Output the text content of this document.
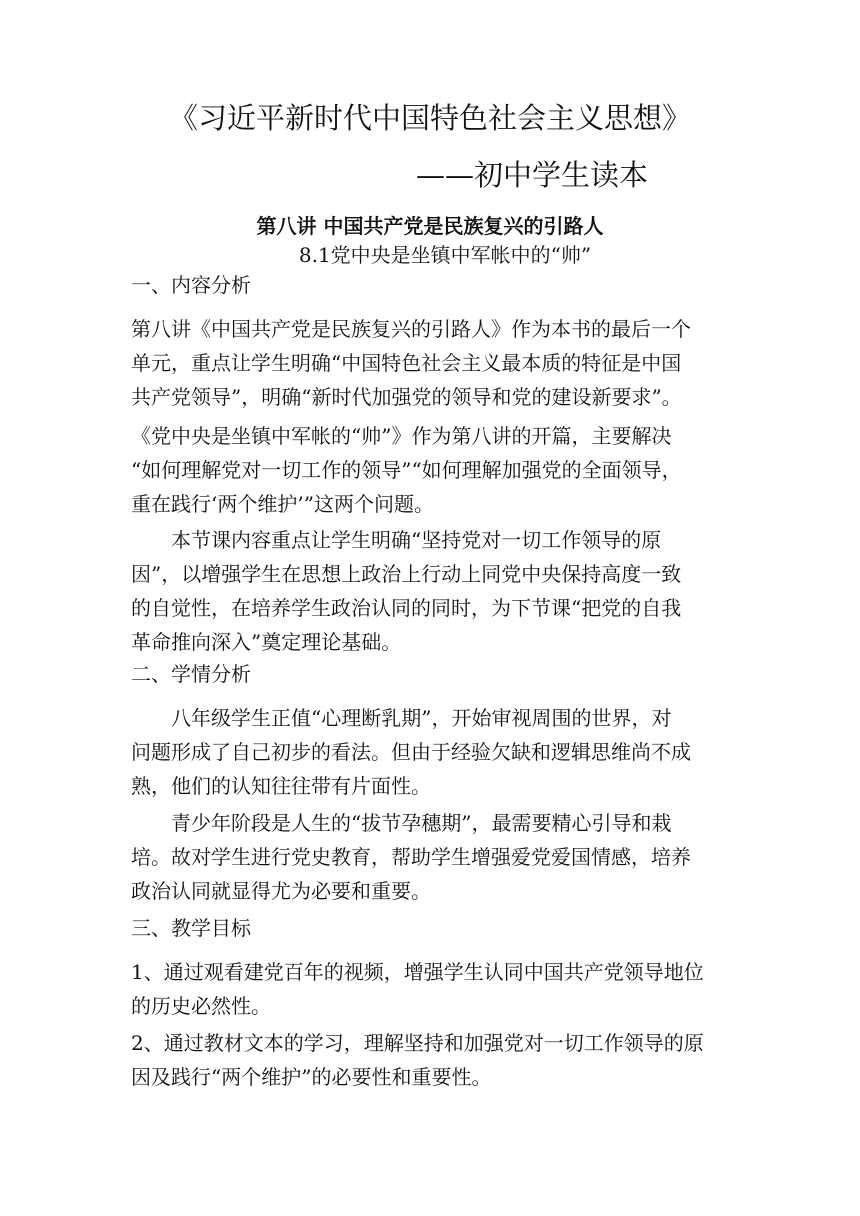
《习近平新时代中国特色社会主义思想》
——初中学生读本
第八讲 中国共产党是民族复兴的引路人
8.1党中央是坐镇中军帐中的“帅”
一、内容分析
第八讲《中国共产党是民族复兴的引路人》作为本书的最后一个
单元，重点让学生明确“中国特色社会主义最本质的特征是中国
共产党领导”，明确“新时代加强党的领导和党的建设新要求”。
《党中央是坐镇中军帐的“帅”》作为第八讲的开篇，主要解决
“如何理解党对一切工作的领导”“如何理解加强党的全面领导，
重在践行‘两个维护’”这两个问题。
本节课内容重点让学生明确“坚持党对一切工作领导的原
因”，以增强学生在思想上政治上行动上同党中央保持高度一致
的自觉性，在培养学生政治认同的同时，为下节课“把党的自我
革命推向深入”奠定理论基础。
二、学情分析
八年级学生正值“心理断乳期”，开始审视周围的世界，对
问题形成了自己初步的看法。但由于经验欠缺和逻辑思维尚不成
熟，他们的认知往往带有片面性。
青少年阶段是人生的“拔节孕穗期”，最需要精心引导和栽
培。故对学生进行党史教育，帮助学生增强爱党爱国情感，培养
政治认同就显得尤为必要和重要。
三、教学目标
1、通过观看建党百年的视频，增强学生认同中国共产党领导地位
的历史必然性。
2、通过教材文本的学习，理解坚持和加强党对一切工作领导的原
因及践行“两个维护”的必要性和重要性。
